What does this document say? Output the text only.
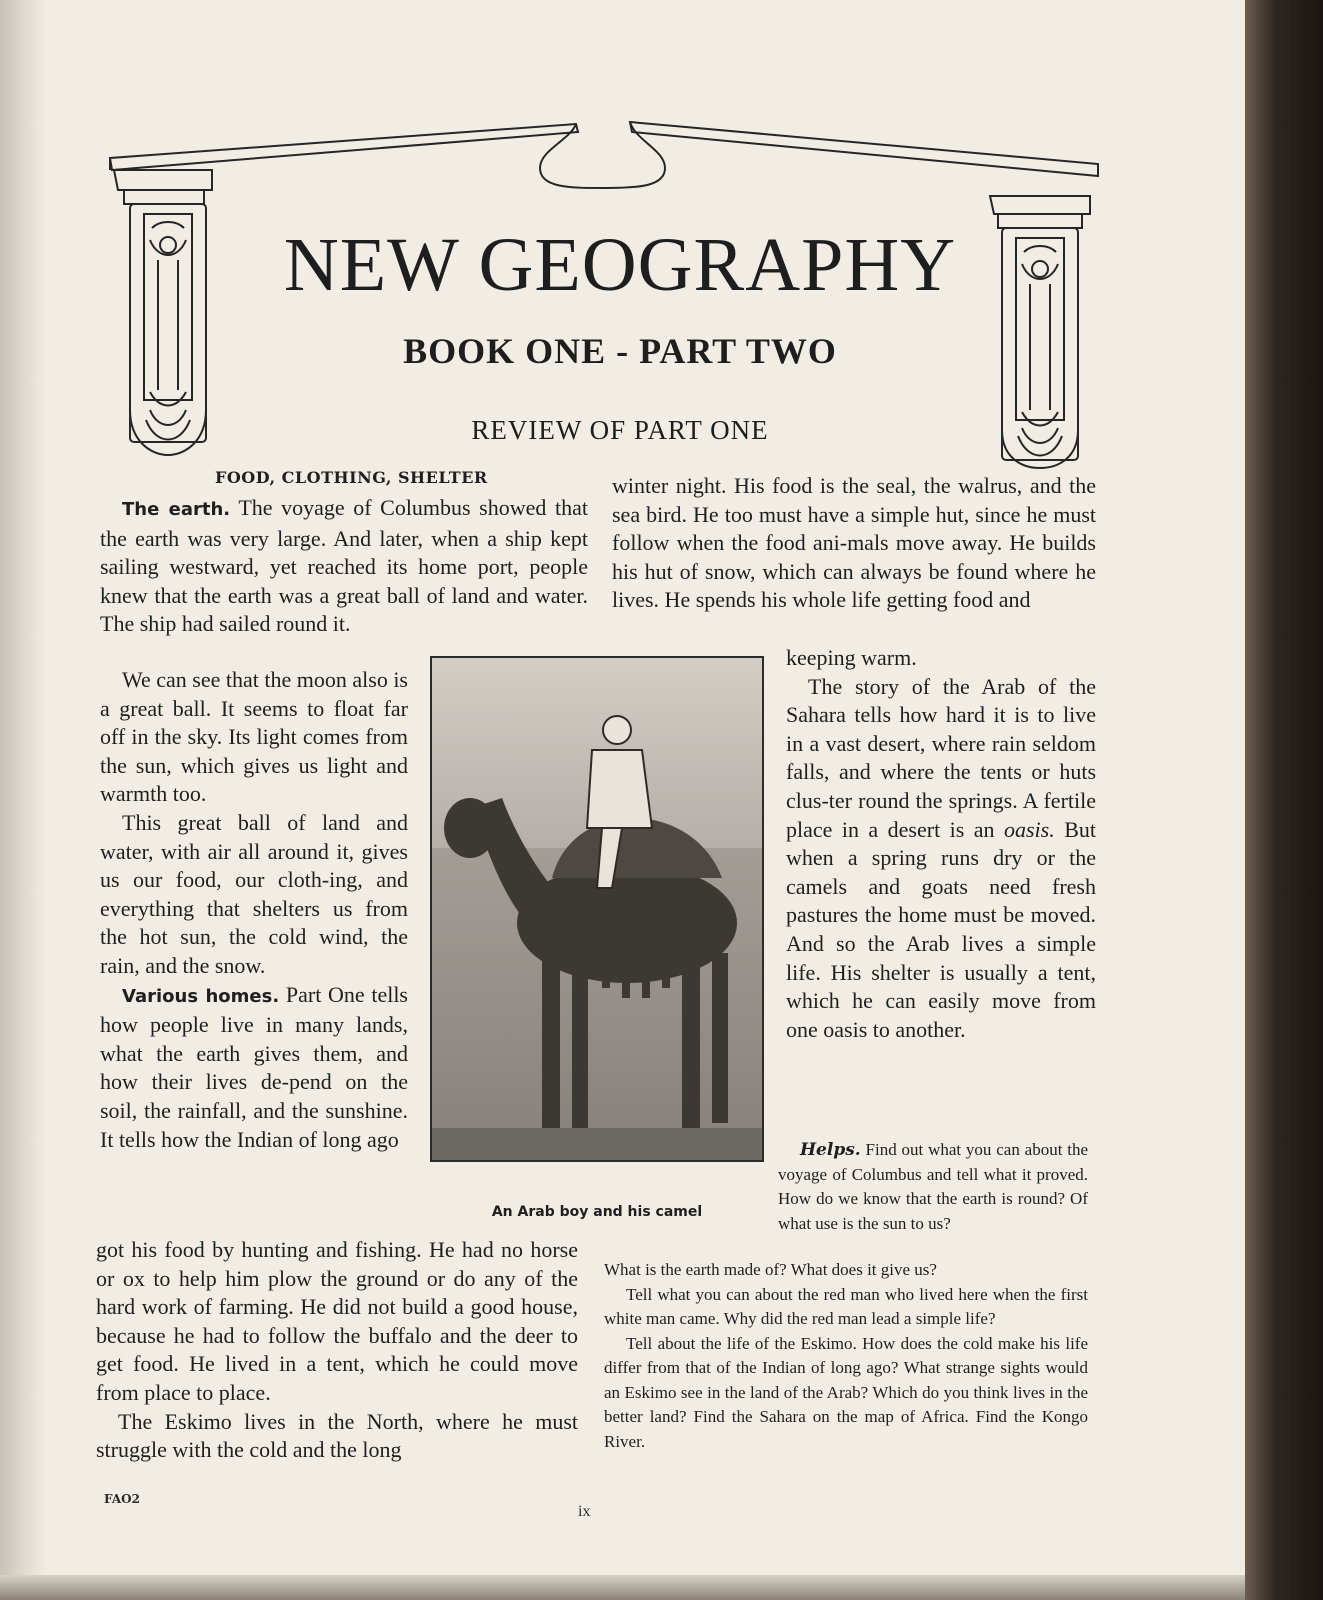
NEW GEOGRAPHY
BOOK ONE - PART TWO
REVIEW OF PART ONE
FOOD, CLOTHING, SHELTER

The earth. The voyage of Columbus showed that the earth was very large. And later, when a ship kept sailing westward, yet reached its home port, people knew that the earth was a great ball of land and water. The ship had sailed round it.

We can see that the moon also is a great ball. It seems to float far off in the sky. Its light comes from the sun, which gives us light and warmth too.

This great ball of land and water, with air all around it, gives us our food, our cloth-ing, and everything that shelters us from the hot sun, the cold wind, the rain, and the snow.

Various homes. Part One tells how people live in many lands, what the earth gives them, and how their lives de-pend on the soil, the rainfall, and the sunshine. It tells how the Indian of long ago

got his food by hunting and fishing. He had no horse or ox to help him plow the ground or do any of the hard work of farming. He did not build a good house, because he had to follow the buffalo and the deer to get food. He lived in a tent, which he could move from place to place.

The Eskimo lives in the North, where he must struggle with the cold and the long

winter night. His food is the seal, the walrus, and the sea bird. He too must have a simple hut, since he must follow when the food ani-mals move away. He builds his hut of snow, which can always be found where he lives. He spends his whole life getting food and

keeping warm.

The story of the Arab of the Sahara tells how hard it is to live in a vast desert, where rain seldom falls, and where the tents or huts clus-ter round the springs. A fertile place in a desert is an oasis. But when a spring runs dry or the camels and goats need fresh pastures the home must be moved. And so the Arab lives a simple life. His shelter is usually a tent, which he can easily move from one oasis to another.

An Arab boy and his camel

Helps. Find out what you can about the voyage of Columbus and tell what it proved. How do we know that the earth is round? Of what use is the sun to us?

What is the earth made of? What does it give us?

Tell what you can about the red man who lived here when the first white man came. Why did the red man lead a simple life?

Tell about the life of the Eskimo. How does the cold make his life differ from that of the Indian of long ago? What strange sights would an Eskimo see in the land of the Arab? Which do you think lives in the better land? Find the Sahara on the map of Africa. Find the Kongo River.

FAO2
ix
